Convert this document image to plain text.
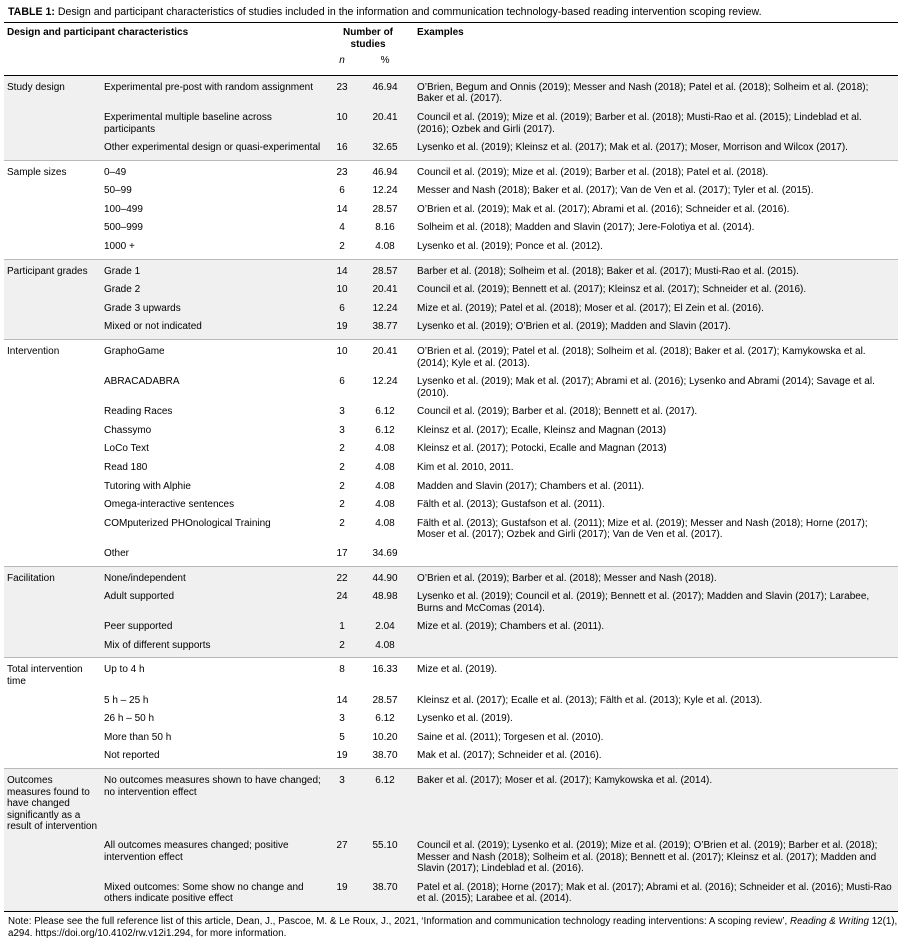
TABLE 1: Design and participant characteristics of studies included in the information and communication technology-based reading intervention scoping review.
Design and participant characteristics		Number of studies		Examples
		n	%	
Study design	Experimental pre-post with random assignment	23	46.94	O’Brien, Begum and Onnis (2019); Messer and Nash (2018); Patel et al. (2018); Solheim et al. (2018); Baker et al. (2017).
	Experimental multiple baseline across participants	10	20.41	Council et al. (2019); Mize et al. (2019); Barber et al. (2018); Musti-Rao et al. (2015); Lindeblad et al. (2016); Ozbek and Girli (2017).
	Other experimental design or quasi-experimental	16	32.65	Lysenko et al. (2019); Kleinsz et al. (2017); Mak et al. (2017); Moser, Morrison and Wilcox (2017).
Sample sizes	0–49	23	46.94	Council et al. (2019); Mize et al. (2019); Barber et al. (2018); Patel et al. (2018).
	50–99	6	12.24	Messer and Nash (2018); Baker et al. (2017); Van de Ven et al. (2017); Tyler et al. (2015).
	100–499	14	28.57	O’Brien et al. (2019); Mak et al. (2017); Abrami et al. (2016); Schneider et al. (2016).
	500–999	4	8.16	Solheim et al. (2018); Madden and Slavin (2017); Jere-Folotiya et al. (2014).
	1000 +	2	4.08	Lysenko et al. (2019); Ponce et al. (2012).
Participant grades	Grade 1	14	28.57	Barber et al. (2018); Solheim et al. (2018); Baker et al. (2017); Musti-Rao et al. (2015).
	Grade 2	10	20.41	Council et al. (2019); Bennett et al. (2017); Kleinsz et al. (2017); Schneider et al. (2016).
	Grade 3 upwards	6	12.24	Mize et al. (2019); Patel et al. (2018); Moser et al. (2017); El Zein et al. (2016).
	Mixed or not indicated	19	38.77	Lysenko et al. (2019); O’Brien et al. (2019); Madden and Slavin (2017).
Intervention	GraphoGame	10	20.41	O’Brien et al. (2019); Patel et al. (2018); Solheim et al. (2018); Baker et al. (2017); Kamykowska et al. (2014); Kyle et al. (2013).
	ABRACADABRA	6	12.24	Lysenko et al. (2019); Mak et al. (2017); Abrami et al. (2016); Lysenko and Abrami (2014); Savage et al. (2010).
	Reading Races	3	6.12	Council et al. (2019); Barber et al. (2018); Bennett et al. (2017).
	Chassymo	3	6.12	Kleinsz et al. (2017); Ecalle, Kleinsz and Magnan (2013)
	LoCo Text	2	4.08	Kleinsz et al. (2017); Potocki, Ecalle and Magnan (2013)
	Read 180	2	4.08	Kim et al. 2010, 2011.
	Tutoring with Alphie	2	4.08	Madden and Slavin (2017); Chambers et al. (2011).
	Omega-interactive sentences	2	4.08	Fälth et al. (2013); Gustafson et al. (2011).
	COMputerized PHOnological Training	2	4.08	Fälth et al. (2013); Gustafson et al. (2011); Mize et al. (2019); Messer and Nash (2018); Horne (2017); Moser et al. (2017); Ozbek and Girli (2017); Van de Ven et al. (2017).
	Other	17	34.69	
Facilitation	None/independent	22	44.90	O’Brien et al. (2019); Barber et al. (2018); Messer and Nash (2018).
	Adult supported	24	48.98	Lysenko et al. (2019); Council et al. (2019); Bennett et al. (2017); Madden and Slavin (2017); Larabee, Burns and McComas (2014).
	Peer supported	1	2.04	Mize et al. (2019); Chambers et al. (2011).
	Mix of different supports	2	4.08	
Total intervention time	Up to 4 h	8	16.33	Mize et al. (2019).
	5 h – 25 h	14	28.57	Kleinsz et al. (2017); Ecalle et al. (2013); Fälth et al. (2013); Kyle et al. (2013).
	26 h – 50 h	3	6.12	Lysenko et al. (2019).
	More than 50 h	5	10.20	Saine et al. (2011); Torgesen et al. (2010).
	Not reported	19	38.70	Mak et al. (2017); Schneider et al. (2016).
Outcomes measures found to have changed significantly as a result of intervention	No outcomes measures shown to have changed; no intervention effect	3	6.12	Baker et al. (2017); Moser et al. (2017); Kamykowska et al. (2014).
	All outcomes measures changed; positive intervention effect	27	55.10	Council et al. (2019); Lysenko et al. (2019); Mize et al. (2019); O’Brien et al. (2019); Barber et al. (2018); Messer and Nash (2018); Solheim et al. (2018); Bennett et al. (2017); Kleinsz et al. (2017); Madden and Slavin (2017); Lindeblad et al. (2016).
	Mixed outcomes: Some show no change and others indicate positive effect	19	38.70	Patel et al. (2018); Horne (2017); Mak et al. (2017); Abrami et al. (2016); Schneider et al. (2016); Musti-Rao et al. (2015); Larabee et al. (2014).
Note: Please see the full reference list of this article, Dean, J., Pascoe, M. & Le Roux, J., 2021, ‘Information and communication technology reading interventions: A scoping review’, Reading & Writing 12(1), a294. https://doi.org/10.4102/rw.v12i1.294, for more information.
